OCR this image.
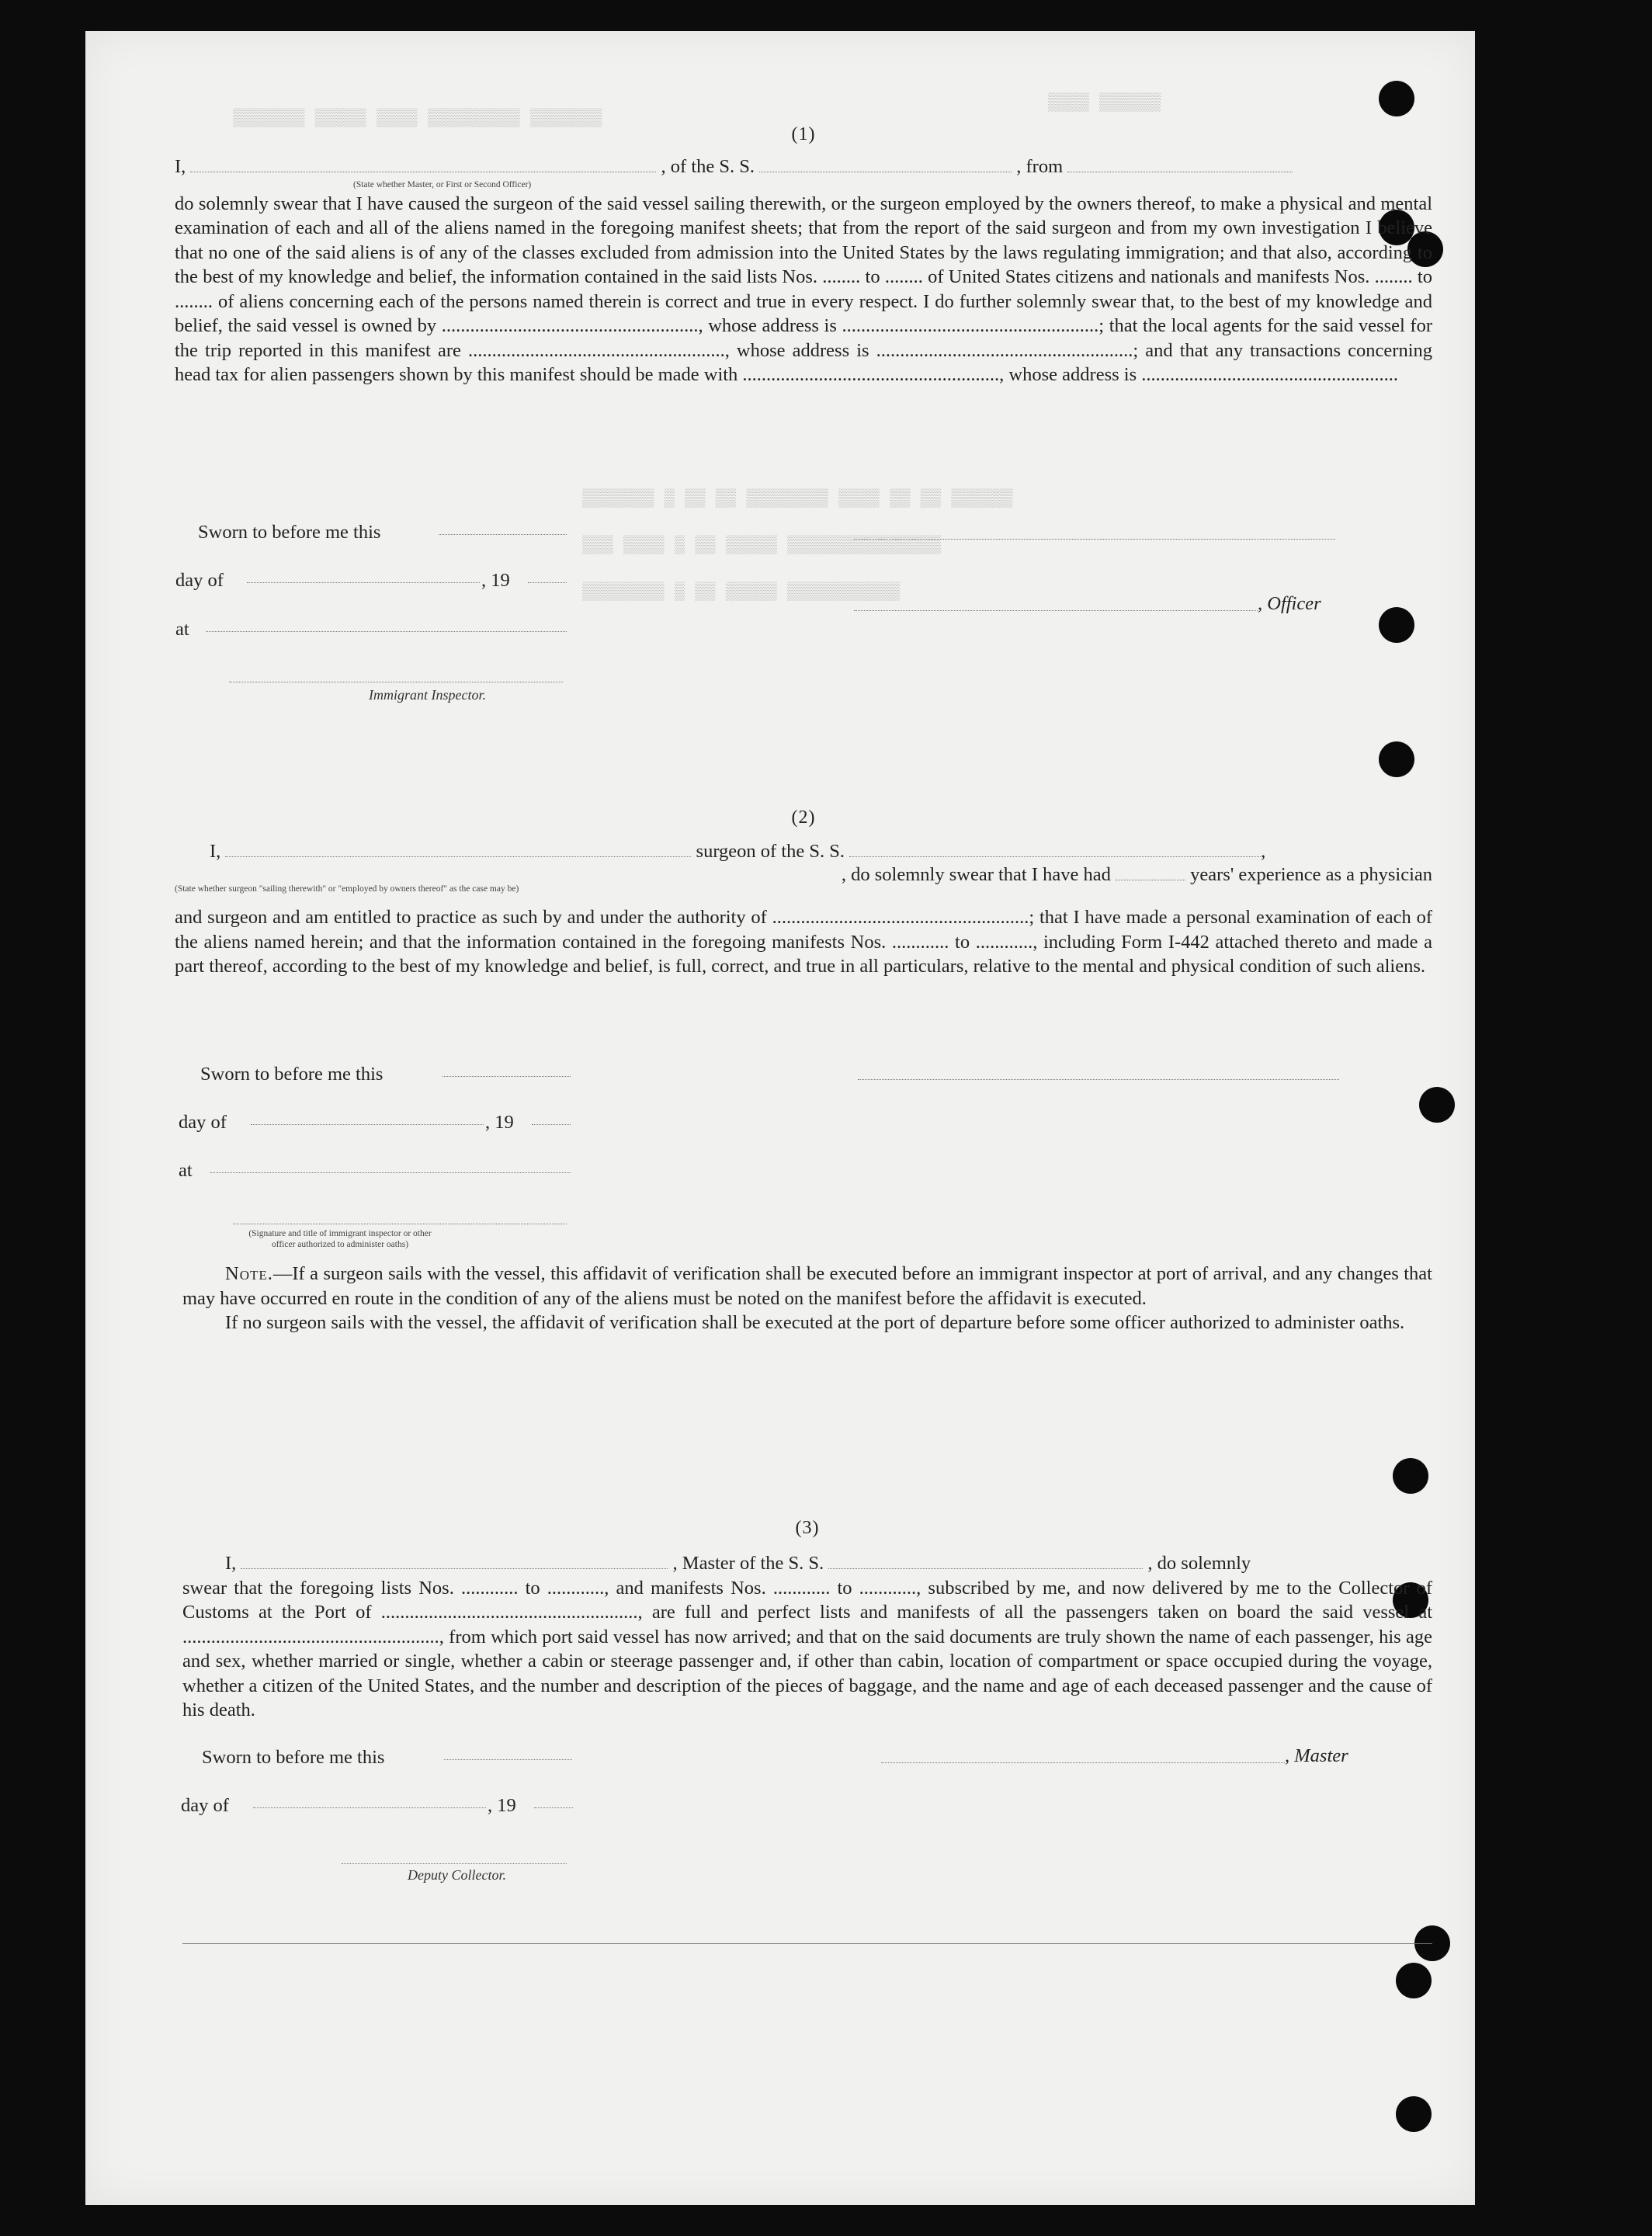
▒▒▒▒▒▒▒ ▒▒▒▒▒ ▒▒▒▒ ▒▒▒▒▒▒▒▒▒ ▒▒▒▒▒▒▒
▒▒▒▒ ▒▒▒▒▒▒
▒▒▒▒▒▒▒ ▒ ▒▒ ▒▒ ▒▒▒▒▒▒▒▒ ▒▒▒▒ ▒▒ ▒▒ ▒▒▒▒▒▒
▒▒▒ ▒▒▒▒ ▒ ▒▒ ▒▒▒▒▒ ▒▒▒▒▒▒▒▒▒▒▒▒▒▒▒
▒▒▒▒▒▒▒▒ ▒ ▒▒ ▒▒▒▒▒ ▒▒▒▒▒▒▒▒▒▒▒
(1)
I,	, of the S. S.	, from
(State whether Master, or First or Second Officer)
do solemnly swear that I have caused the surgeon of the said vessel sailing therewith, or the surgeon employed by the owners thereof, to make a physical and mental examination of each and all of the aliens named in the foregoing manifest sheets; that from the report of the said surgeon and from my own investigation I believe that no one of the said aliens is of any of the classes excluded from admission into the United States by the laws regulating immigration; and that also, according to the best of my knowledge and belief, the information contained in the said lists Nos. ........ to ........ of United States citizens and nationals and manifests Nos. ........ to ........ of aliens concerning each of the persons named therein is correct and true in every respect. I do further solemnly swear that, to the best of my knowledge and belief, the said vessel is owned by ......................................................, whose address is ......................................................; that the local agents for the said vessel for the trip reported in this manifest are ......................................................, whose address is ......................................................; and that any transactions concerning head tax for alien passengers shown by this manifest should be made with ......................................................, whose address is ......................................................
Sworn to before me this
day of	, 19
, Officer
at
Immigrant Inspector.
(2)
I,	surgeon of the S. S.	,
, do solemnly swear that I have had	years' experience as a physician
(State whether surgeon "sailing therewith" or "employed by owners thereof" as the case may be)
and surgeon and am entitled to practice as such by and under the authority of ......................................................; that I have made a personal examination of each of the aliens named herein; and that the information contained in the foregoing manifests Nos. ............ to ............, including Form I-442 attached thereto and made a part thereof, according to the best of my knowledge and belief, is full, correct, and true in all particulars, relative to the mental and physical condition of such aliens.
Sworn to before me this
day of	, 19
at
(Signature and title of immigrant inspector or other officer authorized to administer oaths)
Note.—If a surgeon sails with the vessel, this affidavit of verification shall be executed before an immigrant inspector at port of arrival, and any changes that may have occurred en route in the condition of any of the aliens must be noted on the manifest before the affidavit is executed.
If no surgeon sails with the vessel, the affidavit of verification shall be executed at the port of departure before some officer authorized to administer oaths.
(3)
I,	, Master of the S. S.	, do solemnly
swear that the foregoing lists Nos. ............ to ............, and manifests Nos. ............ to ............, subscribed by me, and now delivered by me to the Collector of Customs at the Port of ......................................................, are full and perfect lists and manifests of all the passengers taken on board the said vessel at ......................................................, from which port said vessel has now arrived; and that on the said documents are truly shown the name of each passenger, his age and sex, whether married or single, whether a cabin or steerage passenger and, if other than cabin, location of compartment or space occupied during the voyage, whether a citizen of the United States, and the number and description of the pieces of baggage, and the name and age of each deceased passenger and the cause of his death.
Sworn to before me this	, Master
day of	, 19
Deputy Collector.
